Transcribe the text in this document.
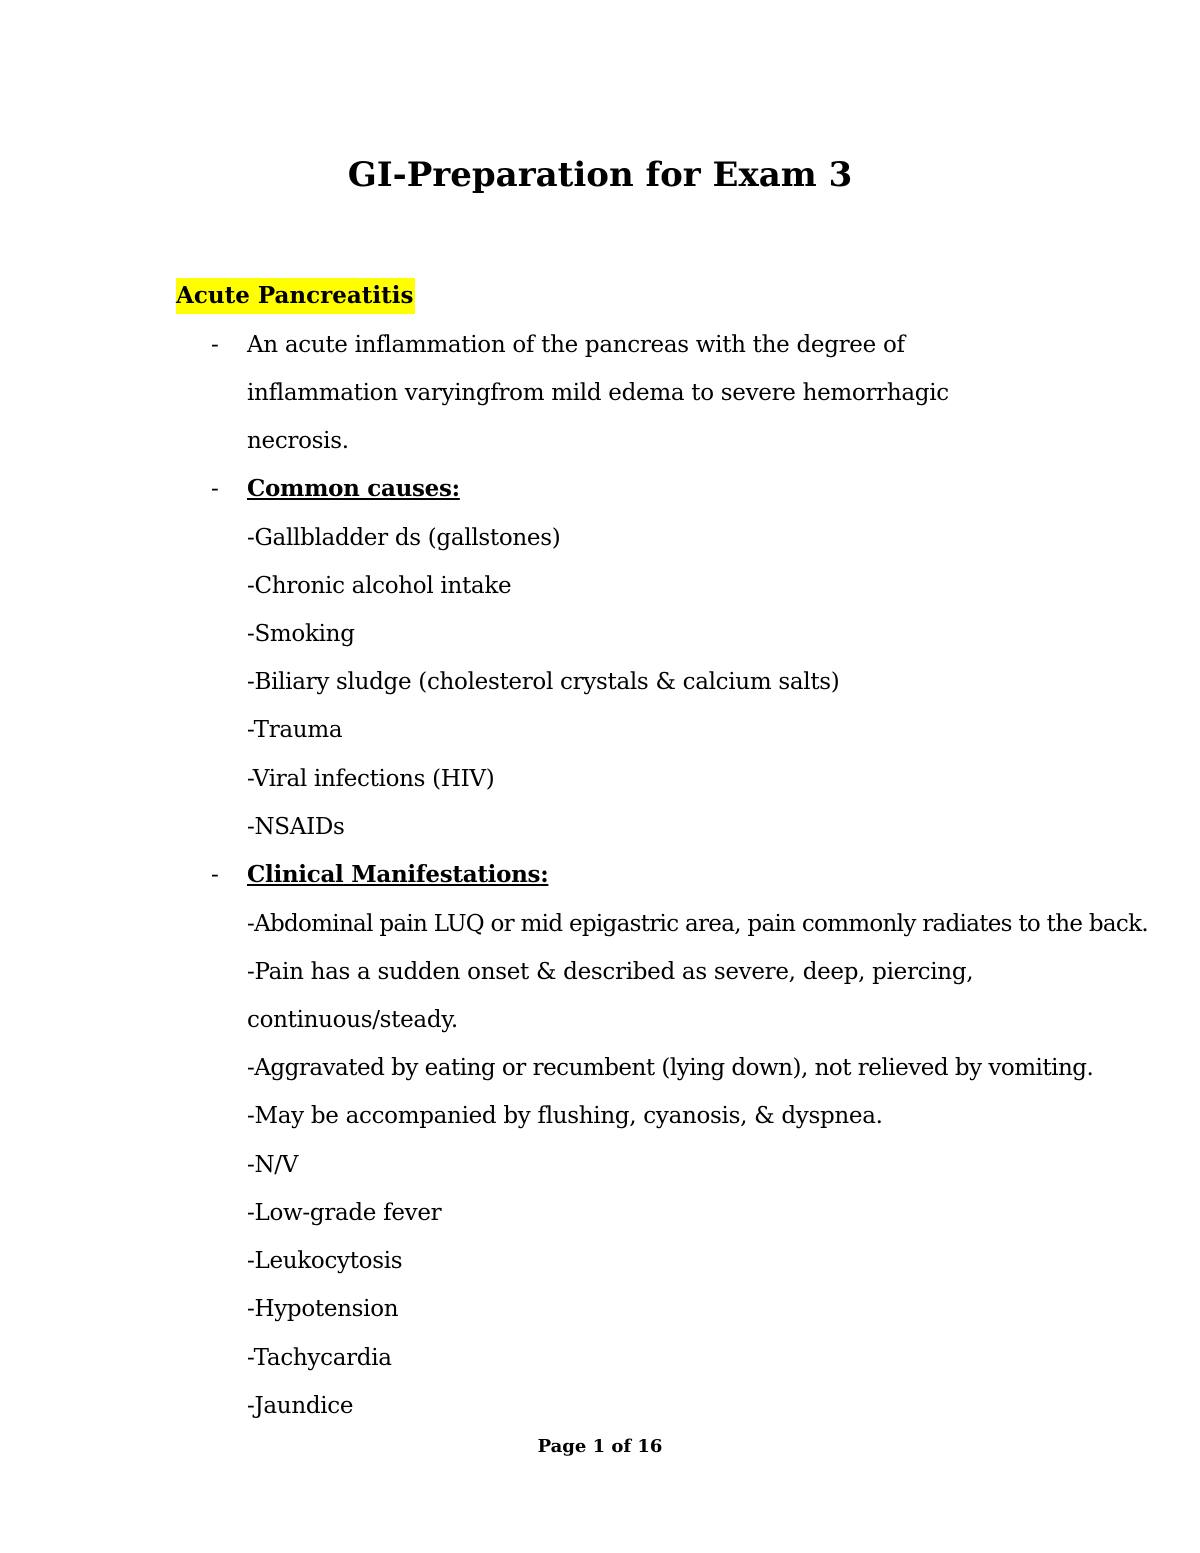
GI-Preparation for Exam 3
Acute Pancreatitis
- An acute inflammation of the pancreas with the degree of
inflammation varyingfrom mild edema to severe hemorrhagic
necrosis.
- Common causes:
-Gallbladder ds (gallstones)
-Chronic alcohol intake
-Smoking
-Biliary sludge (cholesterol crystals & calcium salts)
-Trauma
-Viral infections (HIV)
-NSAIDs
- Clinical Manifestations:
-Abdominal pain LUQ or mid epigastric area, pain commonly radiates to the back.
-Pain has a sudden onset & described as severe, deep, piercing,
continuous/steady.
-Aggravated by eating or recumbent (lying down), not relieved by vomiting.
-May be accompanied by flushing, cyanosis, & dyspnea.
-N/V
-Low-grade fever
-Leukocytosis
-Hypotension
-Tachycardia
-Jaundice
Page 1 of 16
